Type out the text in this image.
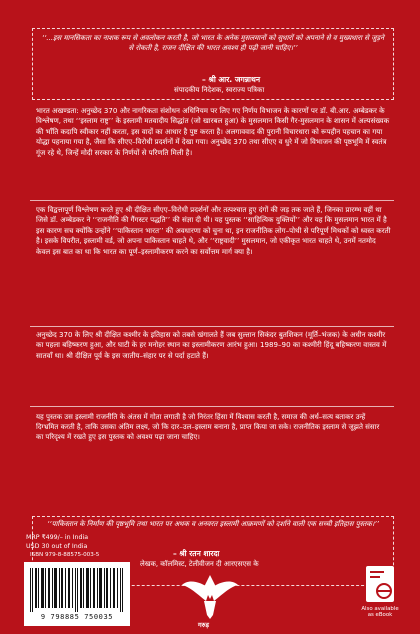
‘‘...इस मानसिकता का नाशक रूप से अवलोकन करती है, जो भारत के अनेक मुसलमानों को सुधारों को अपनाने से व मुख्यधारा से जुड़ने से रोकती है, राजन दीक्षित की भारत अवश्य ही पढ़ी जानी चाहिए।’’
– श्री आर. जगन्नाथन
संपादकीय निदेशक, स्वराज्य पत्रिका
भारत अखण्डता: अनुच्छेद 370 और नागरिकता संशोधन अधिनियम पर लिए गए निर्णय विभाजन के कारणों पर डॉ. बी.आर. अम्बेडकर के विश्लेषण, तथा ‘‘इस्लाम राष्ट्र’’ के इस्लामी मतवादीय सिद्धांत (जो खारबल हुआ) के मुसलमान किसी गैर-मुसलमान के शासन में अल्पसंख्यक की भाँति कदापि स्वीकार नहीं करता, इस वादों का आधार है पुष्ट करता है। अलगाववाद की पुरानी विचारधारा को रूपहीन पहचान का गया योद्धा पहनाया गया है, जैसा कि सीएए–विरोधी प्रदर्शनों में देखा गया। अनुच्छेद 370 तथा सीएए व धुरे में जो विभाजन की पृष्ठभूमि में स्वतंत्र गूंज रहे थे, जिन्हें मोदी सरकार के निर्णयों से परिणति मिली है।
एक विद्वत्तापूर्ण विश्लेषण करते हुए श्री दीक्षित सीएए–विरोधी प्रदर्शनों और तत्पश्चात हुए दंगों की जड़ तक जाते हैं, जिनका प्रारम्भ वहीं था जिसे डॉ. अम्बेडकर ने ‘‘राजनीति की गैंगस्टर पद्धति’’ की संज्ञा दी थी। यह पुस्तक ‘‘साहित्यिक युक्तियों’’ और यह कि मुसलमान भारत में है इस कारण सच क्योंकि उन्होंने ‘‘पाकिस्तान भारत’’ की अवधारणा को चुना था, इन राजनीतिक लोग–पोथी से परिपूर्ण मिथकों को ध्वस्त करती है। इसके विपरीत, इस्लामी वर्ड, जो अपना पाकिस्तान चाहते थे, और ‘‘राष्ट्रवादी’’ मुसलमान, जो एकीकृत भारत चाहते थे, उनमें नतमोद केवल इस बात का था कि भारत का पूर्ण–इस्लामीकरण करने का सर्वोत्तम मार्ग क्या है।
अनुच्छेद 370 के लिए श्री दीक्षित कश्मीर के इतिहास को तबसे खंगालते हैं जब सुल्तान सिकंदर बुतशिकन (मूर्ति–भंजक) के अधीन कश्मीर का पहला बहिष्करण हुआ, और घाटी के हर मनोहर स्थान का इस्लामीकरण आरंभ हुआ। 1989–90 का कश्मीरी हिंदू बहिष्करण वास्तव में सातवाँ था। श्री दीक्षित पूर्व के इस जातीय–संहार पर से पर्दा हटाते हैं।
यह पुस्तक उस इस्लामी राजनीति के अंतस में गोता लगाती है जो निरंतर हिंसा में विश्वास करती है, समाज की अर्ध–सत्य बताकर उन्हें दिग्भ्रमित करती है, ताकि उसका अंतिम लक्ष्य, जो कि दार–उल–इस्लाम बनाना है, प्राप्त किया जा सके। राजनीतिक इस्लाम से जूझते संसार का परिदृश्य में रखते हुए इस पुस्तक को अवश्य पढ़ा जाना चाहिए।
‘‘पाकिस्तान के निर्माण की पृष्ठभूमि तथा भारत पर अथक व अनवरत इस्लामी आक्रमणों को दर्शाने वाली एक सच्ची इतिहास पुस्तक।’’
– श्री रतन शारदा
लेखक, कॉलमिस्ट, टेलीवीजन दी आरएसएस के
MRP ₹499/– in India
USD 30 out of India
ISBN 979-8-88575-003-5
9 798885 750035
गरुड़
Also available
as eBook
